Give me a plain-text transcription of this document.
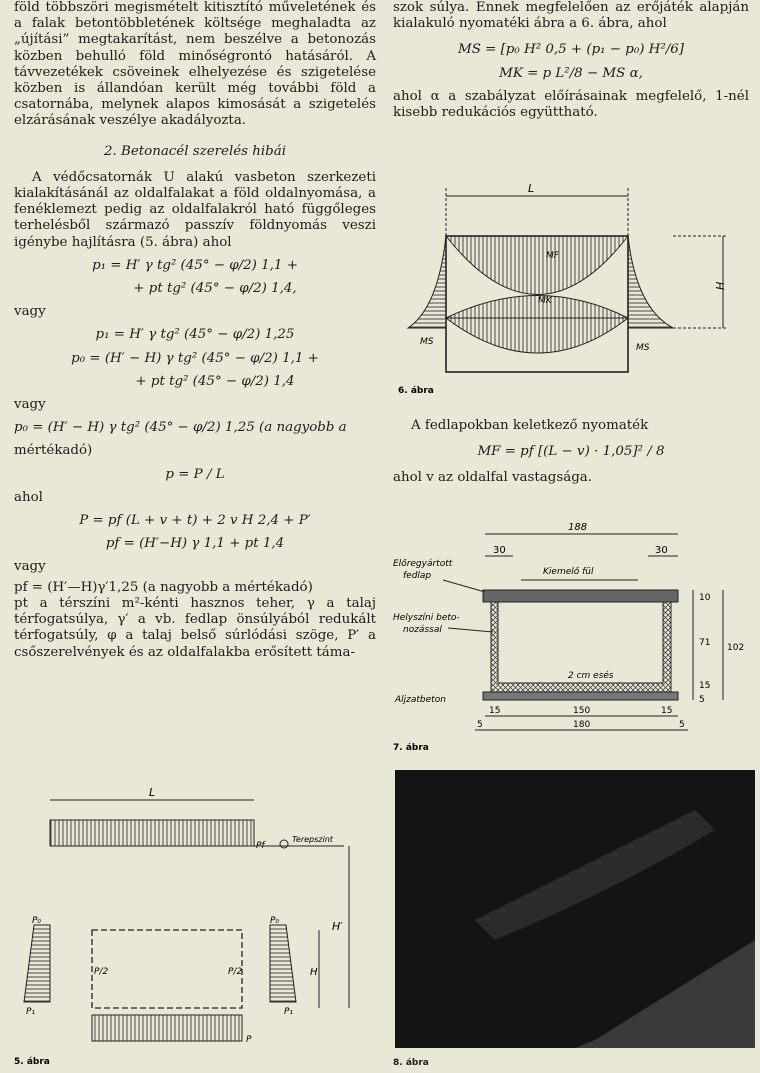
föld többszöri megismételt kitisztító műveletének és a falak betontöbbletének költsége meghaladta az „újítási” megtakarítást, nem beszélve a betonozás közben behulló föld minőségrontó hatásáról. A távvezetékek csöveinek elhelyezése és szigetelése közben is állandóan került még további föld a csatornába, melynek alapos kimosását a szigetelés elzárásának veszélye akadályozta.

2. Betonacél szerelés hibái

A védőcsatornák U alakú vasbeton szerkezeti kialakításánál az oldalfalakat a föld oldalnyomása, a fenéklemezt pedig az oldalfalakról ható függőleges terhelésből származó passzív földnyomás veszi igénybe hajlításra (5. ábra) ahol

p₁ = H′ γ tg² (45° − φ/2) 1,1 +
+ pt tg² (45° − φ/2) 1,4,
vagy
p₁ = H′ γ tg² (45° − φ/2) 1,25
p₀ = (H′ − H) γ tg² (45° − φ/2) 1,1 +
+ pt tg² (45° − φ/2) 1,4
vagy
p₀ = (H′ − H) γ tg² (45° − φ/2) 1,25 (a nagyobb a
mértékadó)
p = P / L
ahol
P = pf (L + v + t) + 2 v H 2,4 + P′
pf = (H′−H) γ 1,1 + pt 1,4
vagy

pf = (H′—H)γ′1,25 (a nagyobb a mértékadó)

pt a térszíni m²-kénti hasznos teher, γ a talaj térfogatsúlya, γ′ a vb. fedlap önsúlyából redukált térfogatsúly, φ a talaj belső súrlódási szöge, P′ a csőszerelvények és az oldalfalakba erősített táma-

szok súlya. Ennek megfelelően az erőjáték alapján kialakuló nyomatéki ábra a 6. ábra, ahol

MS = [p₀ H² 0,5 + (p₁ − p₀) H²/6]
MK = p L²/8 − MS α,

ahol α a szabályzat előírásainak megfelelő, 1-nél kisebb redukációs együttható.

L
H
MF
MK
MS
MS
6. ábra

A fedlapokban keletkező nyomaték

MF = pf [(L − v) · 1,05]² / 8

ahol v az oldalfal vastagsága.

188
30	30
Előregyártott
fedlap	Kiemelő fül
Helyszíni beto-
nozással
2 cm esés
Aljzatbeton
10
71
15
5
102
15	150	15
5	180	5
7. ábra
L
Pf
Terepszint
H′
H
P₀	P₀
P₁	P₁
P/2	P/2
P
5. ábra	8. ábra
